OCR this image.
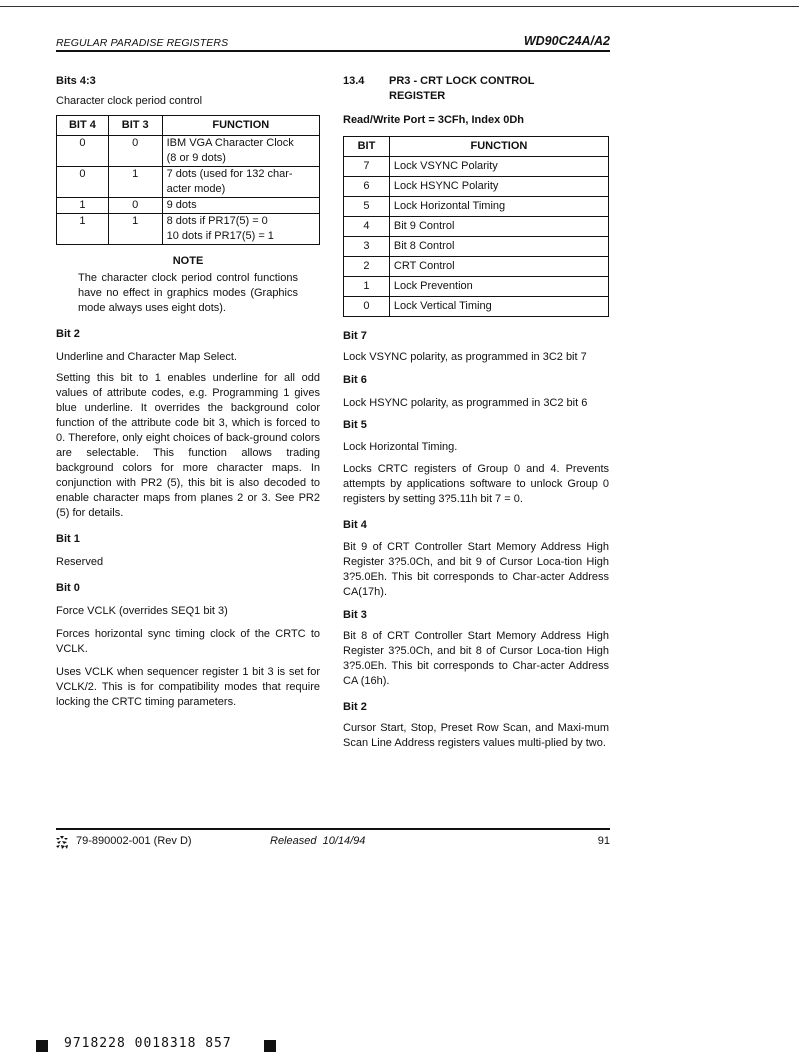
REGULAR PARADISE REGISTERS	WD90C24A/A2
Bits 4:3
Character clock period control
BIT 4	BIT 3	FUNCTION
0	0	IBM VGA Character Clock
(8 or 9 dots)

0	1	7 dots (used for 132 char-
acter mode)

1	0	9 dots
1	1	8 dots if PR17(5) = 0
10 dots if PR17(5) = 1
NOTE
The character clock period control functions have no effect in graphics modes (Graphics mode always uses eight dots).
Bit 2
Underline and Character Map Select.
Setting this bit to 1 enables underline for all odd values of attribute codes, e.g. Programming 1 gives blue underline. It overrides the background color function of the attribute code bit 3, which is forced to 0. Therefore, only eight choices of back-ground colors are selectable. This function allows trading background colors for more character maps. In conjunction with PR2 (5), this bit is also decoded to enable character maps from planes 2 or 3. See PR2 (5) for details.
Bit 1
Reserved
Bit 0
Force VCLK (overrides SEQ1 bit 3)
Forces horizontal sync timing clock of the CRTC to VCLK.
Uses VCLK when sequencer register 1 bit 3 is set for VCLK/2. This is for compatibility modes that require locking the CRTC timing parameters.
13.4 PR3 - CRT LOCK CONTROL
REGISTER
Read/Write Port = 3CFh, Index 0Dh
BIT	FUNCTION
7	Lock VSYNC Polarity
6	Lock HSYNC Polarity
5	Lock Horizontal Timing
4	Bit 9 Control
3	Bit 8 Control
2	CRT Control
1	Lock Prevention
0	Lock Vertical Timing
Bit 7
Lock VSYNC polarity, as programmed in 3C2 bit 7
Bit 6
Lock HSYNC polarity, as programmed in 3C2 bit 6
Bit 5
Lock Horizontal Timing.
Locks CRTC registers of Group 0 and 4. Prevents attempts by applications software to unlock Group 0 registers by setting 3?5.11h bit 7 = 0.
Bit 4
Bit 9 of CRT Controller Start Memory Address High Register 3?5.0Ch, and bit 9 of Cursor Loca-tion High 3?5.0Eh. This bit corresponds to Char-acter Address CA(17h).
Bit 3
Bit 8 of CRT Controller Start Memory Address High Register 3?5.0Ch, and bit 8 of Cursor Loca-tion High 3?5.0Eh. This bit corresponds to Char-acter Address CA (16h).
Bit 2
Cursor Start, Stop, Preset Row Scan, and Maxi-mum Scan Line Address registers values multi-plied by two.
79-890002-001 (Rev D)	Released  10/14/94	91
9718228 0018318 857
